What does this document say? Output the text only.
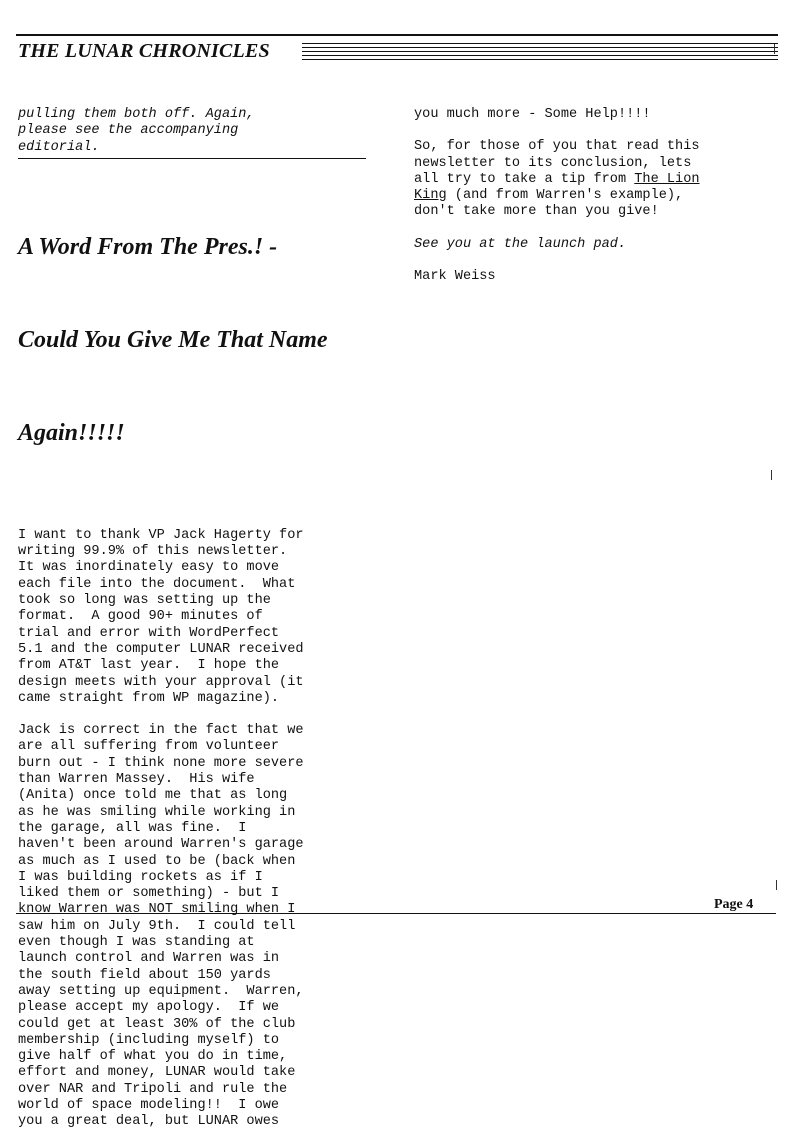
THE LUNAR CHRONICLES

pulling them both off. Again,

please see the accompanying

editorial.

A Word From The Pres.! -

Could You Give Me That Name

Again!!!!!

I want to thank VP Jack Hagerty for

writing 99.9% of this newsletter.

It was inordinately easy to move

each file into the document.  What

took so long was setting up the

format.  A good 90+ minutes of

trial and error with WordPerfect

5.1 and the computer LUNAR received

from AT&T last year.  I hope the

design meets with your approval (it

came straight from WP magazine).

Jack is correct in the fact that we

are all suffering from volunteer

burn out - I think none more severe

than Warren Massey.  His wife

(Anita) once told me that as long

as he was smiling while working in

the garage, all was fine.  I

haven't been around Warren's garage

as much as I used to be (back when

I was building rockets as if I

liked them or something) - but I

know Warren was NOT smiling when I

saw him on July 9th.  I could tell

even though I was standing at

launch control and Warren was in

the south field about 150 yards

away setting up equipment.  Warren,

please accept my apology.  If we

could get at least 30% of the club

membership (including myself) to

give half of what you do in time,

effort and money, LUNAR would take

over NAR and Tripoli and rule the

world of space modeling!!  I owe

you a great deal, but LUNAR owes

you much more - Some Help!!!!

So, for those of you that read this

newsletter to its conclusion, lets

all try to take a tip from The Lion

King (and from Warren's example),

don't take more than you give!

See you at the launch pad.

Mark Weiss

Page 4
